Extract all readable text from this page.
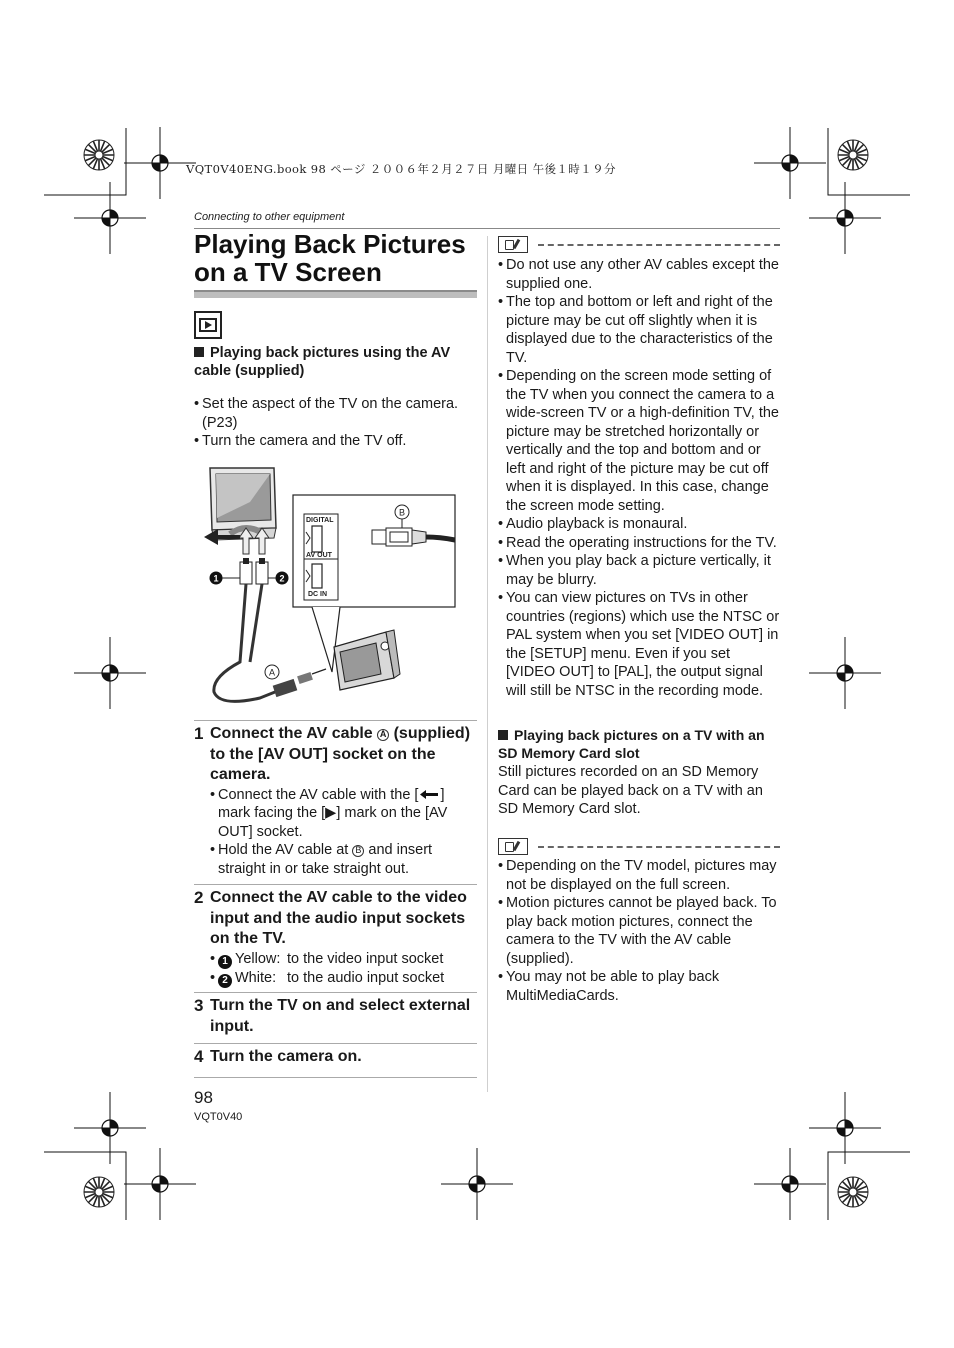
VQT0V40ENG.book 98 ページ ２００６年２月２７日 月曜日 午後１時１９分
Connecting to other equipment
Playing Back Pictures on a TV Screen
Playing back pictures using the AV cable (supplied)
• Set the aspect of the TV on the camera. (P23)
• Turn the camera and the TV off.
1	2
A
DIGITAL
AV OUT
DC IN
B
1 Connect the AV cable A (supplied) to the [AV OUT] socket on the camera.
• Connect the AV cable with the [ ] mark facing the [▶] mark on the [AV OUT] socket.
• Hold the AV cable at B and insert straight in or take straight out.
2 Connect the AV cable to the video input and the audio input sockets on the TV.
• 1 Yellow: to the video input socket
• 2 White: to the audio input socket
3 Turn the TV on and select external input.
4 Turn the camera on.
• Do not use any other AV cables except the supplied one.
• The top and bottom or left and right of the picture may be cut off slightly when it is displayed due to the characteristics of the TV.
• Depending on the screen mode setting of the TV when you connect the camera to a wide-screen TV or a high-definition TV, the picture may be stretched horizontally or vertically and the top and bottom and or left and right of the picture may be cut off when it is displayed. In this case, change the screen mode setting.
• Audio playback is monaural.
• Read the operating instructions for the TV.
• When you play back a picture vertically, it may be blurry.
• You can view pictures on TVs in other countries (regions) which use the NTSC or PAL system when you set [VIDEO OUT] in the [SETUP] menu. Even if you set [VIDEO OUT] to [PAL], the output signal will still be NTSC in the recording mode.
Playing back pictures on a TV with an SD Memory Card slot
Still pictures recorded on an SD Memory Card can be played back on a TV with an SD Memory Card slot.
• Depending on the TV model, pictures may not be displayed on the full screen.
• Motion pictures cannot be played back. To play back motion pictures, connect the camera to the TV with the AV cable (supplied).
• You may not be able to play back MultiMediaCards.
98
VQT0V40
